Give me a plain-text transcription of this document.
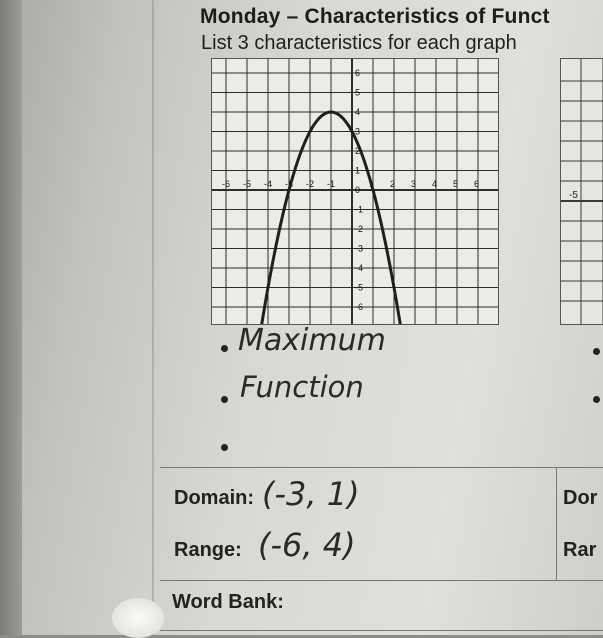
Monday – Characteristics of Funct
List 3 characteristics for each graph
-6 -5 -4 -3 -2 -1	1 2 3 4 5 6
6
5
4
3
2
1
0
-1
-2
-3
-4
-5
-6
-5
Maximum
Function
Domain: (-3, 1)
Range: (-6, 4)
Dor
Rar
Word Bank:
